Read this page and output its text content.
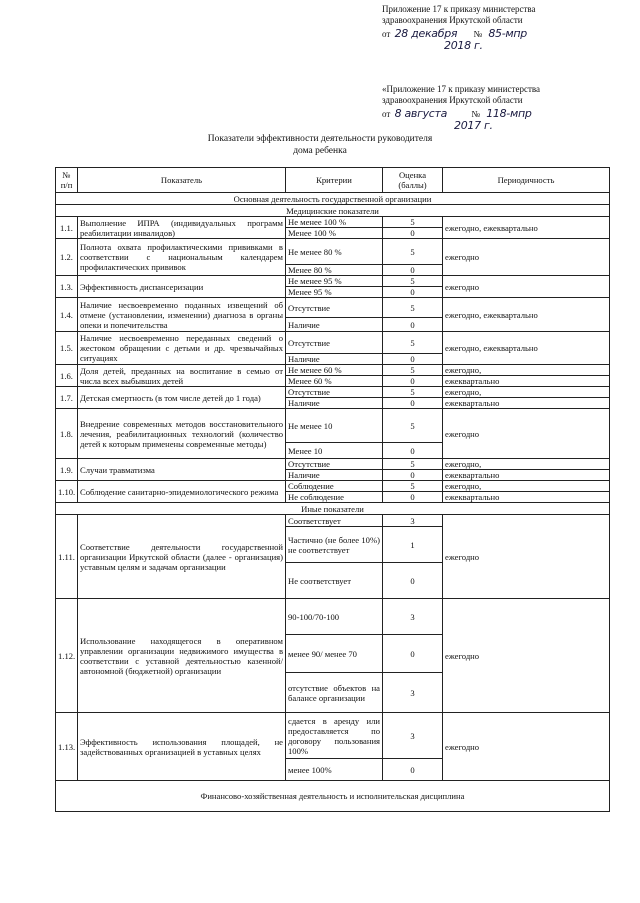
Приложение 17 к приказу министерства
здравоохранения Иркутской области
от 28 декабря № 85-мпр
2018 г.
«Приложение 17 к приказу министерства
здравоохранения Иркутской области
от 8 августа	№ 118-мпр
2017 г.
Показатели эффективности деятельности руководителя
дома ребенка
№ п/п	Показатель	Критерии	Оценка (баллы)	Периодичность
Основная деятельность государственной организации				
Медицинские показатели				
1.1.	Выполнение ИПРА (индивидуальных программ реабилитации инвалидов)	Не менее 100 %	5	ежегодно, ежеквартально
		Менее 100 %	0	
1.2.	Полнота охвата профилактическими прививками в соответствии с национальным календарем профилактических прививок	Не менее 80 %	5	ежегодно
		Менее 80 %	0	
1.3.	Эффективность диспансеризации	Не менее 95 %	5	ежегодно
		Менее 95 %	0	
1.4.	Наличие несвоевременно поданных извещений об отмене (установлении, изменении) диагноза в органы опеки и попечительства	Отсутствие	5	ежегодно, ежеквартально
		Наличие	0	
1.5.	Наличие несвоевременно переданных сведений о жестоком обращении с детьми и др. чрезвычайных ситуациях	Отсутствие	5	ежегодно, ежеквартально
		Наличие	0	
1.6.	Доля детей, преданных на воспитание в семью от числа всех выбывших детей	Не менее 60 %	5	ежегодно,
		Менее 60 %	0	ежеквартально
1.7.	Детская смертность (в том числе детей до 1 года)	Отсутствие	5	ежегодно,
		Наличие	0	ежеквартально
1.8.	Внедрение современных методов восстановительного лечения, реабилитационных технологий (количество детей к которым применены современные методы)	Не менее 10	5	ежегодно
		Менее 10	0	
1.9.	Случаи травматизма	Отсутствие	5	ежегодно,
		Наличие	0	ежеквартально
1.10.	Соблюдение санитарно-эпидемиологического режима	Соблюдение	5	ежегодно,
		Не соблюдение	0	ежеквартально
Иные показатели				
1.11.	Соответствие деятельности государственной организации Иркутской области (далее - организация) уставным целям и задачам организации	Соответствует	3	ежегодно
		Частично (не более 10%) не соответствует	1	
		Не соответствует	0	
1.12.	Использование находящегося в оперативном управлении организации недвижимого имущества в соответствии с уставной деятельностью казенной/ автономной (бюджетной) организации	90-100/70-100	3	ежегодно
		менее 90/ менее 70	0	
		отсутствие объектов на балансе организации	3	
1.13.	Эффективность использования площадей, не задействованных организацией в уставных целях	сдается в аренду или предоставляется по договору пользования 100%	3	ежегодно
		менее 100%	0	
Финансово-хозяйственная деятельность и исполнительская дисциплина				
